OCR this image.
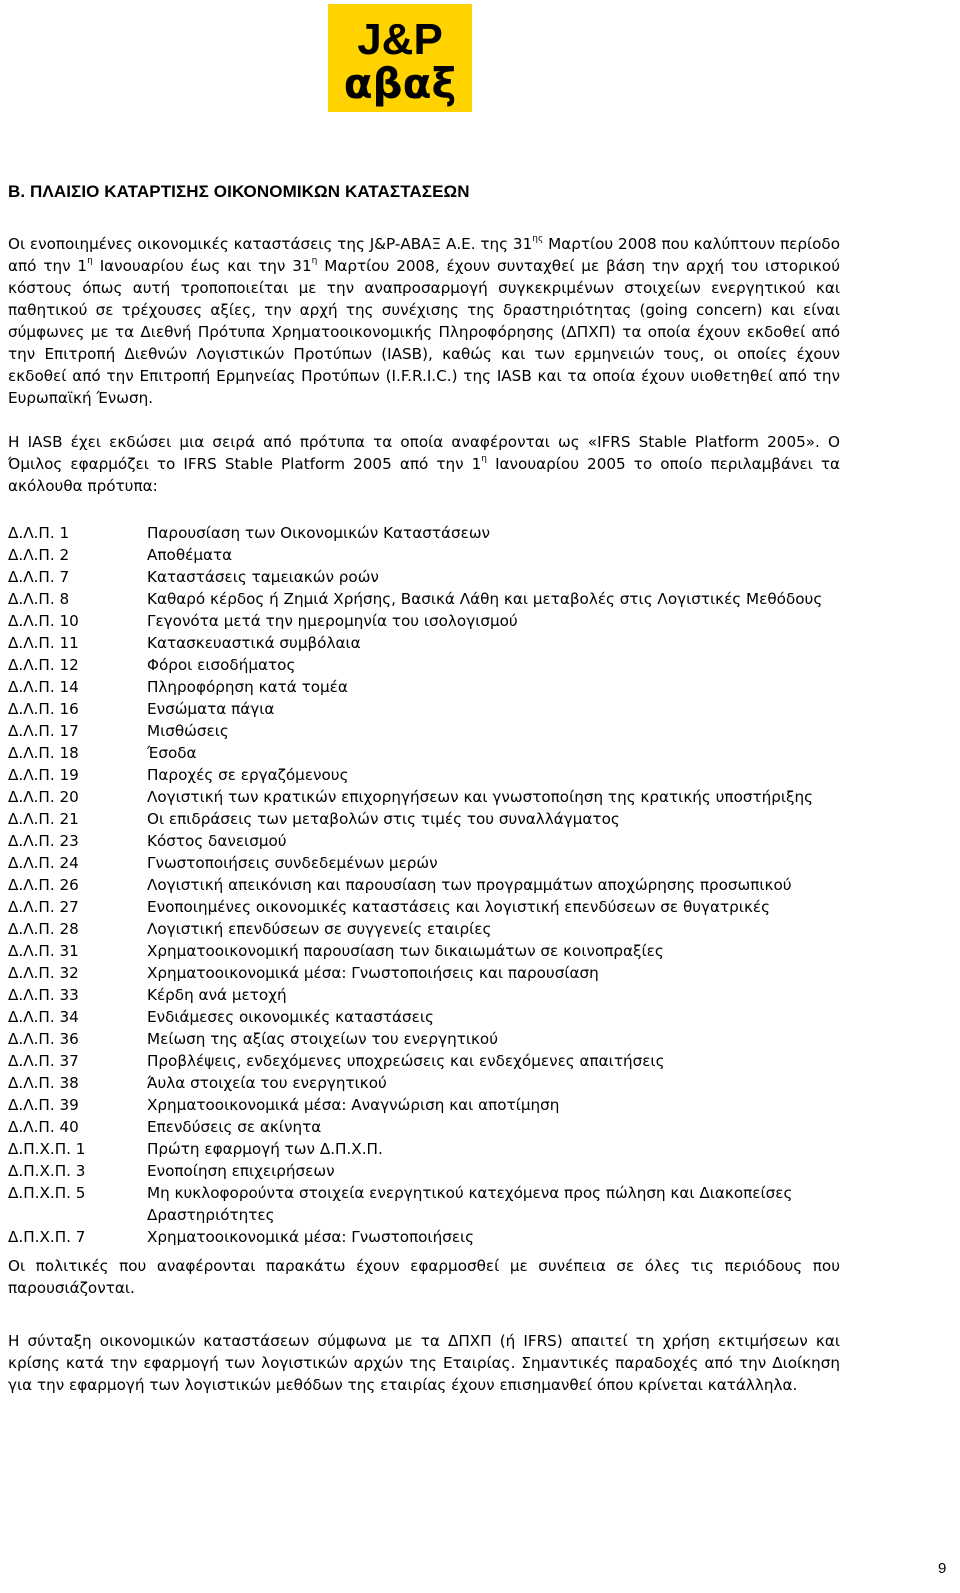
J&P
αβαξ
B. ΠΛΑΙΣΙΟ ΚΑΤΑΡΤΙΣΗΣ ΟΙΚΟΝΟΜΙΚΩΝ ΚΑΤΑΣΤΑΣΕΩΝ

Οι ενοποιημένες οικονομικές καταστάσεις της J&P-ΑΒΑΞ Α.Ε. της $31^{\eta\varsigma}$ Μαρτίου 2008 που καλύπτουν περίοδο από την $1^\eta$ Ιανουαρίου έως και την $31^\eta$ Μαρτίου 2008, έχουν συνταχθεί με βάση την αρχή του ιστορικού κόστους όπως αυτή τροποποιείται με την αναπροσαρμογή συγκεκριμένων στοιχείων ενεργητικού και παθητικού σε τρέχουσες αξίες, την αρχή της συνέχισης της δραστηριότητας (going concern) και είναι σύμφωνες με τα Διεθνή Πρότυπα Χρηματοοικονομικής Πληροφόρησης (ΔΠΧΠ) τα οποία έχουν εκδοθεί από την Επιτροπή Διεθνών Λογιστικών Προτύπων (IASB), καθώς και των ερμηνειών τους, οι οποίες έχουν εκδοθεί από την Επιτροπή Ερμηνείας Προτύπων (I.F.R.I.C.) της IASB και τα οποία έχουν υιοθετηθεί από την Ευρωπαϊκή Ένωση.

Η IASB έχει εκδώσει μια σειρά από πρότυπα τα οποία αναφέρονται ως «IFRS Stable Platform 2005». Ο Όμιλος εφαρμόζει το IFRS Stable Platform 2005 από την $1^\eta$ Ιανουαρίου 2005 το οποίο περιλαμβάνει τα ακόλουθα πρότυπα:

Δ.Λ.Π. 1	Παρουσίαση των Οικονομικών Καταστάσεων
Δ.Λ.Π. 2	Αποθέματα
Δ.Λ.Π. 7	Καταστάσεις ταμειακών ροών
Δ.Λ.Π. 8	Καθαρό κέρδος ή Ζημιά Χρήσης, Βασικά Λάθη και μεταβολές στις Λογιστικές Μεθόδους
Δ.Λ.Π. 10	Γεγονότα μετά την ημερομηνία του ισολογισμού
Δ.Λ.Π. 11	Κατασκευαστικά συμβόλαια
Δ.Λ.Π. 12	Φόροι εισοδήματος
Δ.Λ.Π. 14	Πληροφόρηση κατά τομέα
Δ.Λ.Π. 16	Ενσώματα πάγια
Δ.Λ.Π. 17	Μισθώσεις
Δ.Λ.Π. 18	Έσοδα
Δ.Λ.Π. 19	Παροχές σε εργαζόμενους
Δ.Λ.Π. 20	Λογιστική των κρατικών επιχορηγήσεων και γνωστοποίηση της κρατικής υποστήριξης
Δ.Λ.Π. 21	Οι επιδράσεις των μεταβολών στις τιμές του συναλλάγματος
Δ.Λ.Π. 23	Κόστος δανεισμού
Δ.Λ.Π. 24	Γνωστοποιήσεις συνδεδεμένων μερών
Δ.Λ.Π. 26	Λογιστική απεικόνιση και παρουσίαση των προγραμμάτων αποχώρησης προσωπικού
Δ.Λ.Π. 27	Ενοποιημένες οικονομικές καταστάσεις και λογιστική επενδύσεων σε θυγατρικές
Δ.Λ.Π. 28	Λογιστική επενδύσεων σε συγγενείς εταιρίες
Δ.Λ.Π. 31	Χρηματοοικονομική παρουσίαση των δικαιωμάτων σε κοινοπραξίες
Δ.Λ.Π. 32	Χρηματοοικονομικά μέσα: Γνωστοποιήσεις και παρουσίαση
Δ.Λ.Π. 33	Κέρδη ανά μετοχή
Δ.Λ.Π. 34	Ενδιάμεσες οικονομικές καταστάσεις
Δ.Λ.Π. 36	Μείωση της αξίας στοιχείων του ενεργητικού
Δ.Λ.Π. 37	Προβλέψεις, ενδεχόμενες υποχρεώσεις και ενδεχόμενες απαιτήσεις
Δ.Λ.Π. 38	Άυλα στοιχεία του ενεργητικού
Δ.Λ.Π. 39	Χρηματοοικονομικά μέσα: Αναγνώριση και αποτίμηση
Δ.Λ.Π. 40	Επενδύσεις σε ακίνητα
Δ.Π.Χ.Π. 1	Πρώτη εφαρμογή των Δ.Π.Χ.Π.
Δ.Π.Χ.Π. 3	Ενοποίηση επιχειρήσεων
Δ.Π.Χ.Π. 5	Μη κυκλοφορούντα στοιχεία ενεργητικού κατεχόμενα προς πώληση και Διακοπείσες Δραστηριότητες
Δ.Π.Χ.Π. 7	Χρηματοοικονομικά μέσα: Γνωστοποιήσεις

Οι πολιτικές που αναφέρονται παρακάτω έχουν εφαρμοσθεί με συνέπεια σε όλες τις περιόδους που παρουσιάζονται.

Η σύνταξη οικονομικών καταστάσεων σύμφωνα με τα ΔΠΧΠ (ή IFRS) απαιτεί τη χρήση εκτιμήσεων και κρίσης κατά την εφαρμογή των λογιστικών αρχών της Εταιρίας. Σημαντικές παραδοχές από την Διοίκηση για την εφαρμογή των λογιστικών μεθόδων της εταιρίας έχουν επισημανθεί όπου κρίνεται κατάλληλα.

9
